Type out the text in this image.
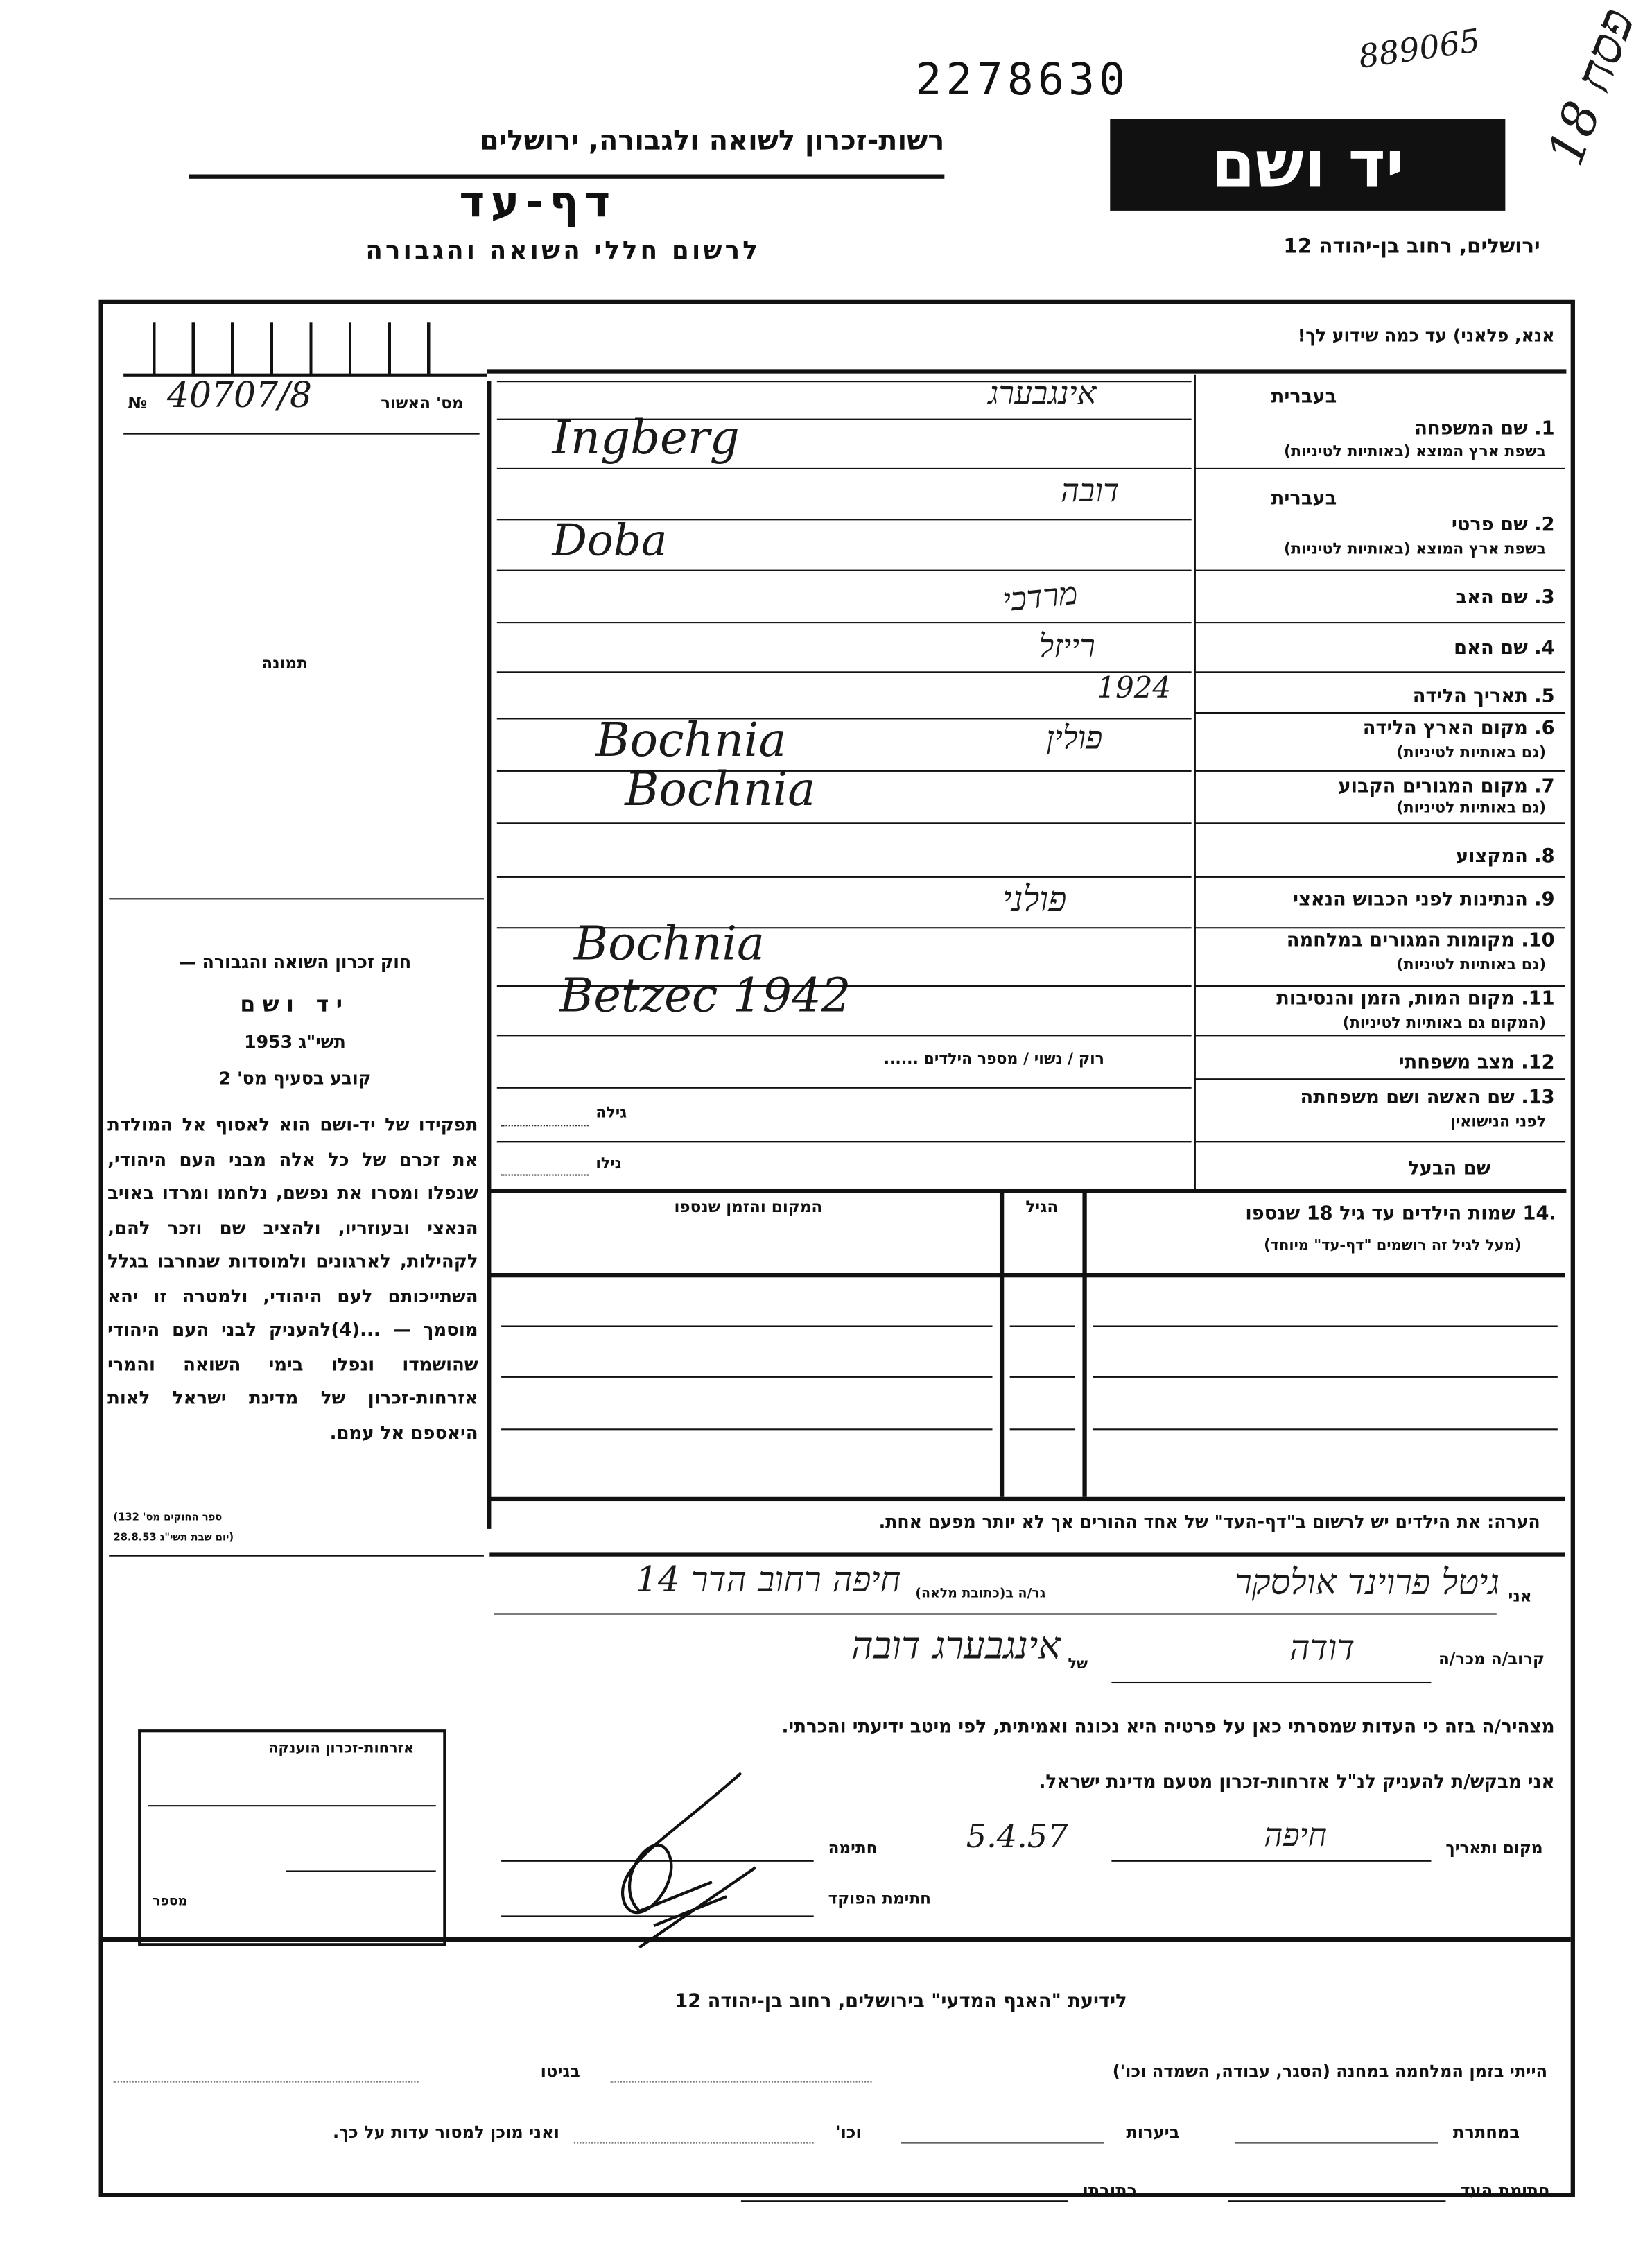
2278630
889065
פסח 18
רשות-זכרון לשואה ולגבורה, ירושלים	יד ושם
דף-עד
לרשום חללי השואה והגבורה	ירושלים, רחוב בן-יהודה 12
מס' האשור
№ 40707/8
תמונה
חוק זכרון השואה והגבורה —
יד ושם
תשי"ג 1953
קובע בסעיף מס' 2
תפקידו של יד-ושם הוא לאסוף אל המולדת את זכרם של כל אלה מבני העם היהודי, שנפלו ומסרו את נפשם, נלחמו ומרדו באויב הנאצי ובעוזריו, ולהציב שם וזכר להם, לקהילות, לארגונים ולמוסדות שנחרבו בגלל השתייכותם לעם היהודי, ולמטרה זו יהא מוסמך — ...(4)להעניק לבני העם היהודי שהושמדו ונפלו בימי השואה והמרי אזרחות-זכרון של מדינת ישראל לאות היאספם אל עמם.
(ספר החוקים מס' 132
יום שבת תשי"ג 28.8.53)
אזרחות-זכרון הוענקה
מספר
אנא, פלאני) עד כמה שידוע לך!
אינגבערג
Ingberg
דובה
Doba
מרדכי
רייזל
1924
פולין
Bochnia
Bochnia
פולני
Bochnia
Betzec 1942
רוק / נשוי / מספר הילדים ......
גילה
גילו
שמות הילדים עד גיל 18 שנספו 14.
(מעל לגיל זה רושמים "דף-עד" מיוחד)
הגיל
המקום והזמן שנספו
הערה: את הילדים יש לרשום ב"דף-העד" של אחד ההורים אך לא יותר מפעם אחת.
אני
גיטל פרוינד אולסקר
גר/ה ב(כתובת מלאה)
חיפה רחוב הדר 14
קרוב/ה מכר/ה
דודה
של
אינגבערג דובה
מצהיר/ה בזה כי העדות שמסרתי כאן על פרטיה היא נכונה ואמיתית, לפי מיטב ידיעתי והכרתי.
אני מבקש/ת להעניק לנ"ל אזרחות-זכרון מטעם מדינת ישראל.
מקום ותאריך
חיפה
5.4.57
חתימה
חתימת הפוקד
לידיעת "האגף המדעי" בירושלים, רחוב בן-יהודה 12
הייתי בזמן המלחמה במחנה (הסגר, עבודה, השמדה וכו')
בגיטו
במחתרת
ביערות
וכו'
ואני מוכן למסור עדות על כך.
חתימת העד
כתובתו
1. שם המשפחה
בשפת ארץ המוצא (באותיות לטיניות)
בעברית
2. שם פרטי
בשפת ארץ המוצא (באותיות לטיניות)
בעברית
3. שם האב
4. שם האם
5. תאריך הלידה
6. מקום הארץ הלידה
(גם באותיות לטיניות)
7. מקום המגורים הקבוע
(גם באותיות לטיניות)
8. המקצוע
9. הנתינות לפני הכבוש הנאצי
10. מקומות המגורים במלחמה
(גם באותיות לטיניות)
11. מקום המות, הזמן והנסיבות
(המקום גם באותיות לטיניות)
12. מצב משפחתי
13. שם האשה ושם משפחתה
לפני הנישואין
שם הבעל
